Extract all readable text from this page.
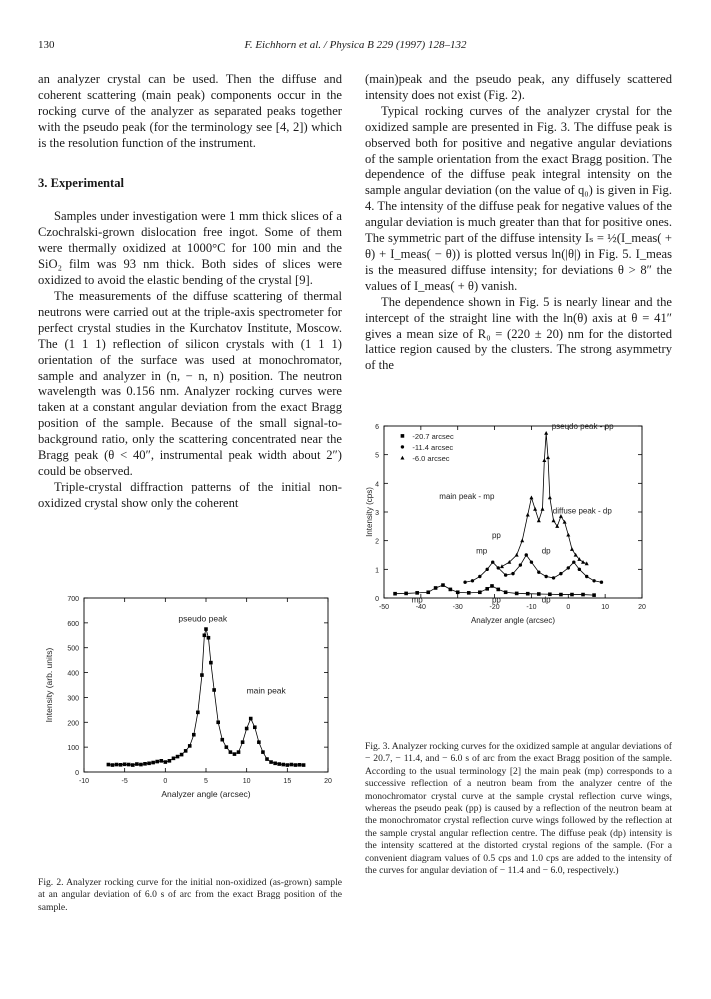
130	F. Eichhorn et al. / Physica B 229 (1997) 128–132

an analyzer crystal can be used. Then the diffuse and coherent scattering (main peak) components occur in the rocking curve of the analyzer as separated peaks together with the pseudo peak (for the terminology see [4, 2]) which is the resolution function of the instrument.

3. Experimental

Samples under investigation were 1 mm thick slices of a Czochralski-grown dislocation free ingot. Some of them were thermally oxidized at 1000°C for 100 min and the SiO₂ film was 93 nm thick. Both sides of slices were oxidized to avoid the elastic bending of the crystal [9].

The measurements of the diffuse scattering of thermal neutrons were carried out at the triple-axis spectrometer for perfect crystal studies in the Kurchatov Institute, Moscow. The (1 1 1) reflection of silicon crystals with (1 1 1) orientation of the surface was used at monochromator, sample and analyzer in (n, − n, n) position. The neutron wavelength was 0.156 nm. Analyzer rocking curves were taken at a constant angular deviation from the exact Bragg position of the sample. Because of the small signal-to-background ratio, only the scattering concentrated near the Bragg peak (θ < 40″, instrumental peak width about 2″) could be observed.

Triple-crystal diffraction patterns of the initial non-oxidized crystal show only the coherent

(main)peak and the pseudo peak, any diffusely scattered intensity does not exist (Fig. 2).

Typical rocking curves of the analyzer crystal for the oxidized sample are presented in Fig. 3. The diffuse peak is observed both for positive and negative angular deviations of the sample orientation from the exact Bragg position. The dependence of the diffuse peak integral intensity on the sample angular deviation (on the value of q₀) is given in Fig. 4. The intensity of the diffuse peak for negative values of the angular deviation is much greater than that for positive ones. The symmetric part of the diffuse intensity Iₛ = ½(I_meas( + θ) + I_meas( − θ)) is plotted versus ln(|θ|) in Fig. 5. I_meas is the measured diffuse intensity; for deviations θ > 8″ the values of I_meas( + θ) vanish.

The dependence shown in Fig. 5 is nearly linear and the intercept of the straight line with the ln(θ) axis at θ = 41″ gives a mean size of R₀ = (220 ± 20) nm for the distorted lattice region caused by the clusters. The strong asymmetry of the

-10	-5	0	5	10	15	20
0
100
200
300
400
500
600
700
Analyzer angle (arcsec)
Intensity (arb. units)
pseudo peak
main peak
Fig. 2. Analyzer rocking curve for the initial non-oxidized (as-grown) sample at an angular deviation of 6.0 s of arc from the exact Bragg position of the sample.
-50	-40	-30	-20	-10	0	10	20
0
1
2
3
4
5
6
Analyzer angle (arcsec)
Intensity (cps)
-20.7 arcsec
-11.4 arcsec
-6.0 arcsec
pseudo peak - pp
main peak - mp
diffuse peak - dp
pp
mp	dp
mp	pp	dp
Fig. 3. Analyzer rocking curves for the oxidized sample at angular deviations of − 20.7, − 11.4, and − 6.0 s of arc from the exact Bragg position of the sample. According to the usual terminology [2] the main peak (mp) corresponds to a successive reflection of a neutron beam from the analyzer centre of the monochromator crystal curve at the sample crystal reflection curve wings, whereas the pseudo peak (pp) is caused by a reflection of the neutron beam at the monochromator crystal reflection curve wings followed by the reflection at the sample crystal angular reflection centre. The diffuse peak (dp) intensity is the intensity scattered at the distorted crystal regions of the sample. (For a convenient diagram values of 0.5 cps and 1.0 cps are added to the intensity of the curves for angular deviation of − 11.4 and − 6.0, respectively.)
